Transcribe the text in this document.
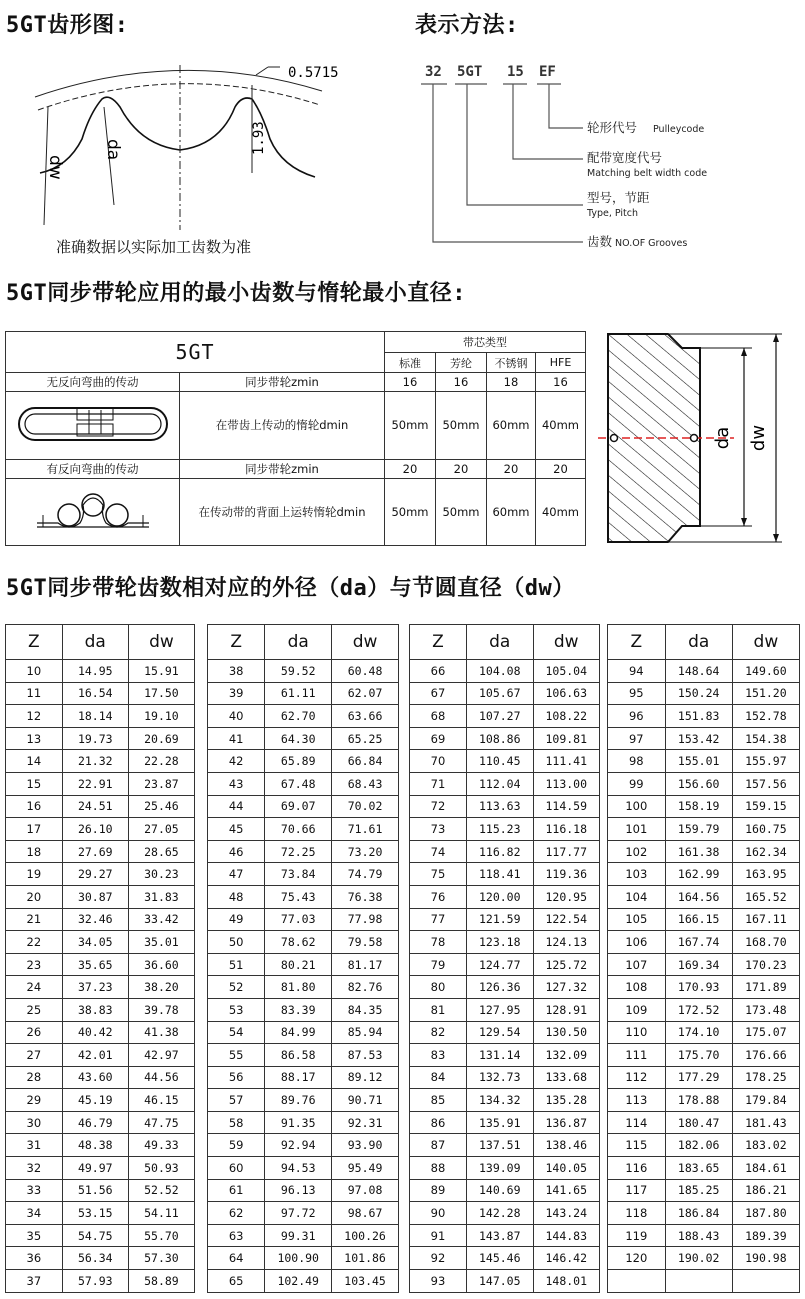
5GT齿形图:	表示方法:
5GT同步带轮应用的最小齿数与惰轮最小直径:
5GT同步带轮齿数相对应的外径（da）与节圆直径（dw）
0.5715
1.93
dw
da
准确数据以实际加工齿数为准
32 5GT 15 EF
轮形代号 Pulleycode
配带宽度代号
Matching belt width code
型号，节距
Type, Pitch
齿数 NO.OF Grooves
5GT		带芯类型			
		标准	芳纶	不锈钢	HFE
无反向弯曲的传动	同步带轮zmin	16	16	18	16

	在带齿上传动的惰轮dmin	50mm	50mm	60mm	40mm
有反向弯曲的传动	同步带轮zmin	20	20	20	20

	在传动带的背面上运转惰轮dmin	50mm	50mm	60mm	40mm
da dw
Z	da	dw
10	14.95	15.91
11	16.54	17.50
12	18.14	19.10
13	19.73	20.69
14	21.32	22.28
15	22.91	23.87
16	24.51	25.46
17	26.10	27.05
18	27.69	28.65
19	29.27	30.23
20	30.87	31.83
21	32.46	33.42
22	34.05	35.01
23	35.65	36.60
24	37.23	38.20
25	38.83	39.78
26	40.42	41.38
27	42.01	42.97
28	43.60	44.56
29	45.19	46.15
30	46.79	47.75
31	48.38	49.33
32	49.97	50.93
33	51.56	52.52
34	53.15	54.11
35	54.75	55.70
36	56.34	57.30
37	57.93	58.89
Z	da	dw
38	59.52	60.48
39	61.11	62.07
40	62.70	63.66
41	64.30	65.25
42	65.89	66.84
43	67.48	68.43
44	69.07	70.02
45	70.66	71.61
46	72.25	73.20
47	73.84	74.79
48	75.43	76.38
49	77.03	77.98
50	78.62	79.58
51	80.21	81.17
52	81.80	82.76
53	83.39	84.35
54	84.99	85.94
55	86.58	87.53
56	88.17	89.12
57	89.76	90.71
58	91.35	92.31
59	92.94	93.90
60	94.53	95.49
61	96.13	97.08
62	97.72	98.67
63	99.31	100.26
64	100.90	101.86
65	102.49	103.45
Z	da	dw
66	104.08	105.04
67	105.67	106.63
68	107.27	108.22
69	108.86	109.81
70	110.45	111.41
71	112.04	113.00
72	113.63	114.59
73	115.23	116.18
74	116.82	117.77
75	118.41	119.36
76	120.00	120.95
77	121.59	122.54
78	123.18	124.13
79	124.77	125.72
80	126.36	127.32
81	127.95	128.91
82	129.54	130.50
83	131.14	132.09
84	132.73	133.68
85	134.32	135.28
86	135.91	136.87
87	137.51	138.46
88	139.09	140.05
89	140.69	141.65
90	142.28	143.24
91	143.87	144.83
92	145.46	146.42
93	147.05	148.01
Z	da	dw
94	148.64	149.60
95	150.24	151.20
96	151.83	152.78
97	153.42	154.38
98	155.01	155.97
99	156.60	157.56
100	158.19	159.15
101	159.79	160.75
102	161.38	162.34
103	162.99	163.95
104	164.56	165.52
105	166.15	167.11
106	167.74	168.70
107	169.34	170.23
108	170.93	171.89
109	172.52	173.48
110	174.10	175.07
111	175.70	176.66
112	177.29	178.25
113	178.88	179.84
114	180.47	181.43
115	182.06	183.02
116	183.65	184.61
117	185.25	186.21
118	186.84	187.80
119	188.43	189.39
120	190.02	190.98
